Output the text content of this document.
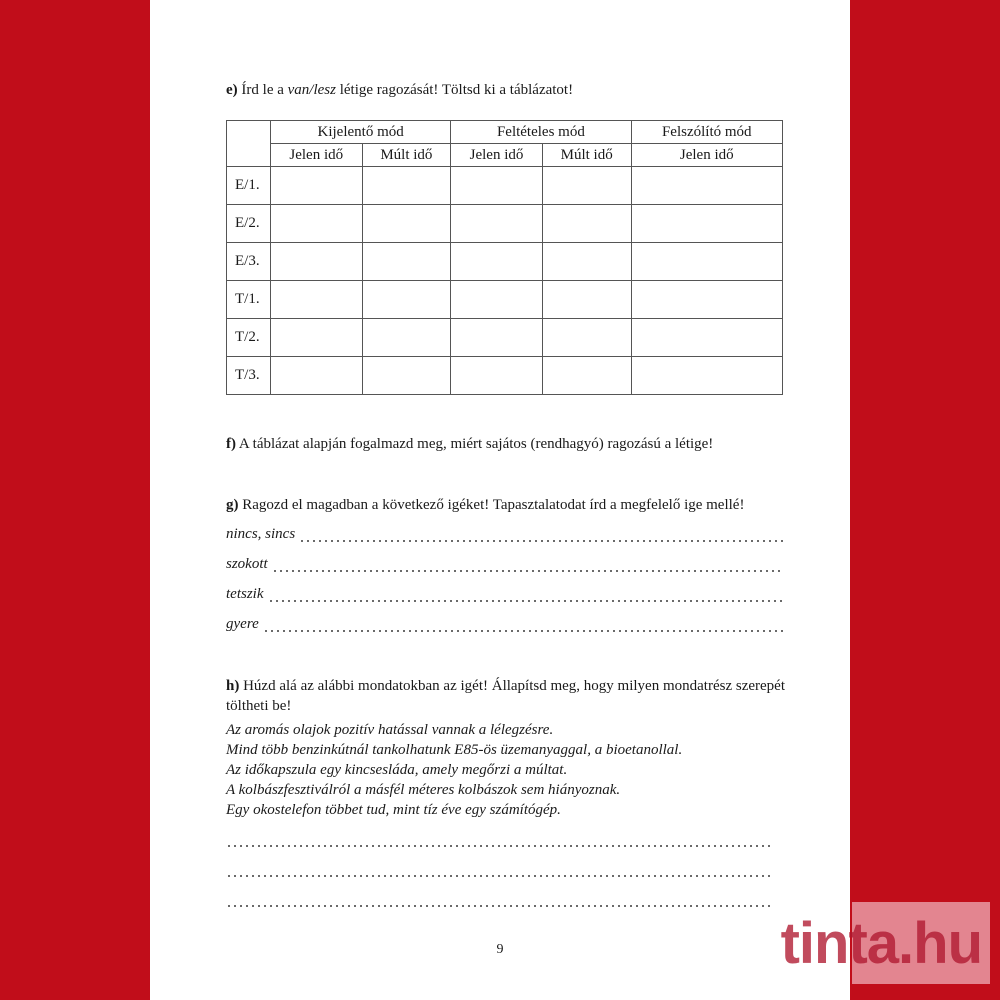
e) Írd le a van/lesz létige ragozását! Töltsd ki a táblázatot!
	Kijelentő mód		Feltételes mód		Felszólító mód
	Jelen idő	Múlt idő	Jelen idő	Múlt idő	Jelen idő
E/1.					
E/2.					
E/3.					
T/1.					
T/2.					
T/3.					
f) A táblázat alapján fogalmazd meg, miért sajátos (rendhagyó) ragozású a létige!
g) Ragozd el magadban a következő igéket! Tapasztalatodat írd a megfelelő ige mellé!
nincs, sincs
szokott
tetszik
gyere
h) Húzd alá az alábbi mondatokban az igét! Állapítsd meg, hogy milyen mondatrész szerepét töltheti be!
Az aromás olajok pozitív hatással vannak a lélegzésre.
Mind több benzinkútnál tankolhatunk E85-ös üzemanyaggal, a bioetanollal.
Az időkapszula egy kincsesláda, amely megőrzi a múltat.
A kolbászfesztiválról a másfél méteres kolbászok sem hiányoznak.
Egy okostelefon többet tud, mint tíz éve egy számítógép.
9	tinta.hu
